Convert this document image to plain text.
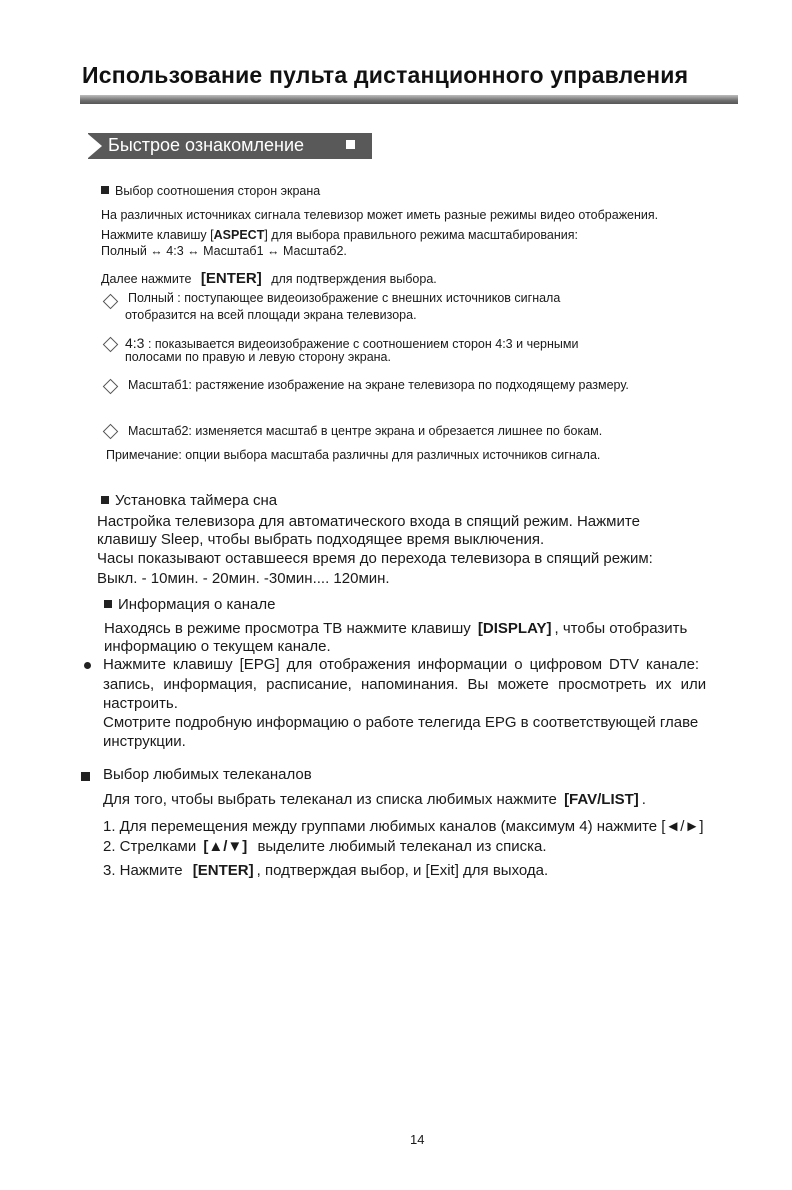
Использование пульта дистанционного управления
Быстрое ознакомление
Выбор соотношения сторон экрана
На различных источниках сигнала телевизор может иметь разные режимы видео отображения.
Нажмите клавишу [ASPECT] для выбора правильного режима масштабирования:
Полный ↔ 4:3 ↔ Масштаб1 ↔ Масштаб2.
Далее нажмите [ENTER] для подтверждения выбора.
Полный : поступающее видеоизображение с внешних источников сигнала
отобразится на всей площади экрана телевизора.
4:3 : показывается видеоизображение с соотношением сторон 4:3 и черными
полосами по правую и левую сторону экрана.
Масштаб1: растяжение изображение на экране телевизора по подходящему размеру.
Масштаб2: изменяется масштаб в центре экрана и обрезается лишнее по бокам.
Примечание: опции выбора масштаба различны для различных источников сигнала.
Установка таймера сна
Настройка телевизора для автоматического входа в спящий режим. Нажмите
клавишу Sleep, чтобы выбрать подходящее время выключения.
Часы показывают оставшееся время до перехода телевизора в спящий режим:
Выкл. - 10мин. - 20мин. -30мин.... 120мин.
Информация о канале
Находясь в режиме просмотра ТВ нажмите клавишу [DISPLAY] , чтобы отобразить
информацию о текущем канале.
Нажмите клавишу [EPG] для отображения информации о цифровом DTV канале:
запись, информация, расписание, напоминания. Вы можете просмотреть их или
настроить.
Смотрите подробную информацию о работе телегида EPG в соответствующей главе
инструкции.
Выбор любимых телеканалов
Для того, чтобы выбрать телеканал из списка любимых нажмите [FAV/LIST] .
1. Для перемещения между группами любимых каналов (максимум 4) нажмите [◄/►]
2. Стрелками [▲/▼] выделите любимый телеканал из списка.
3. Нажмите [ENTER] , подтверждая выбор, и [Exit] для выхода.
14
